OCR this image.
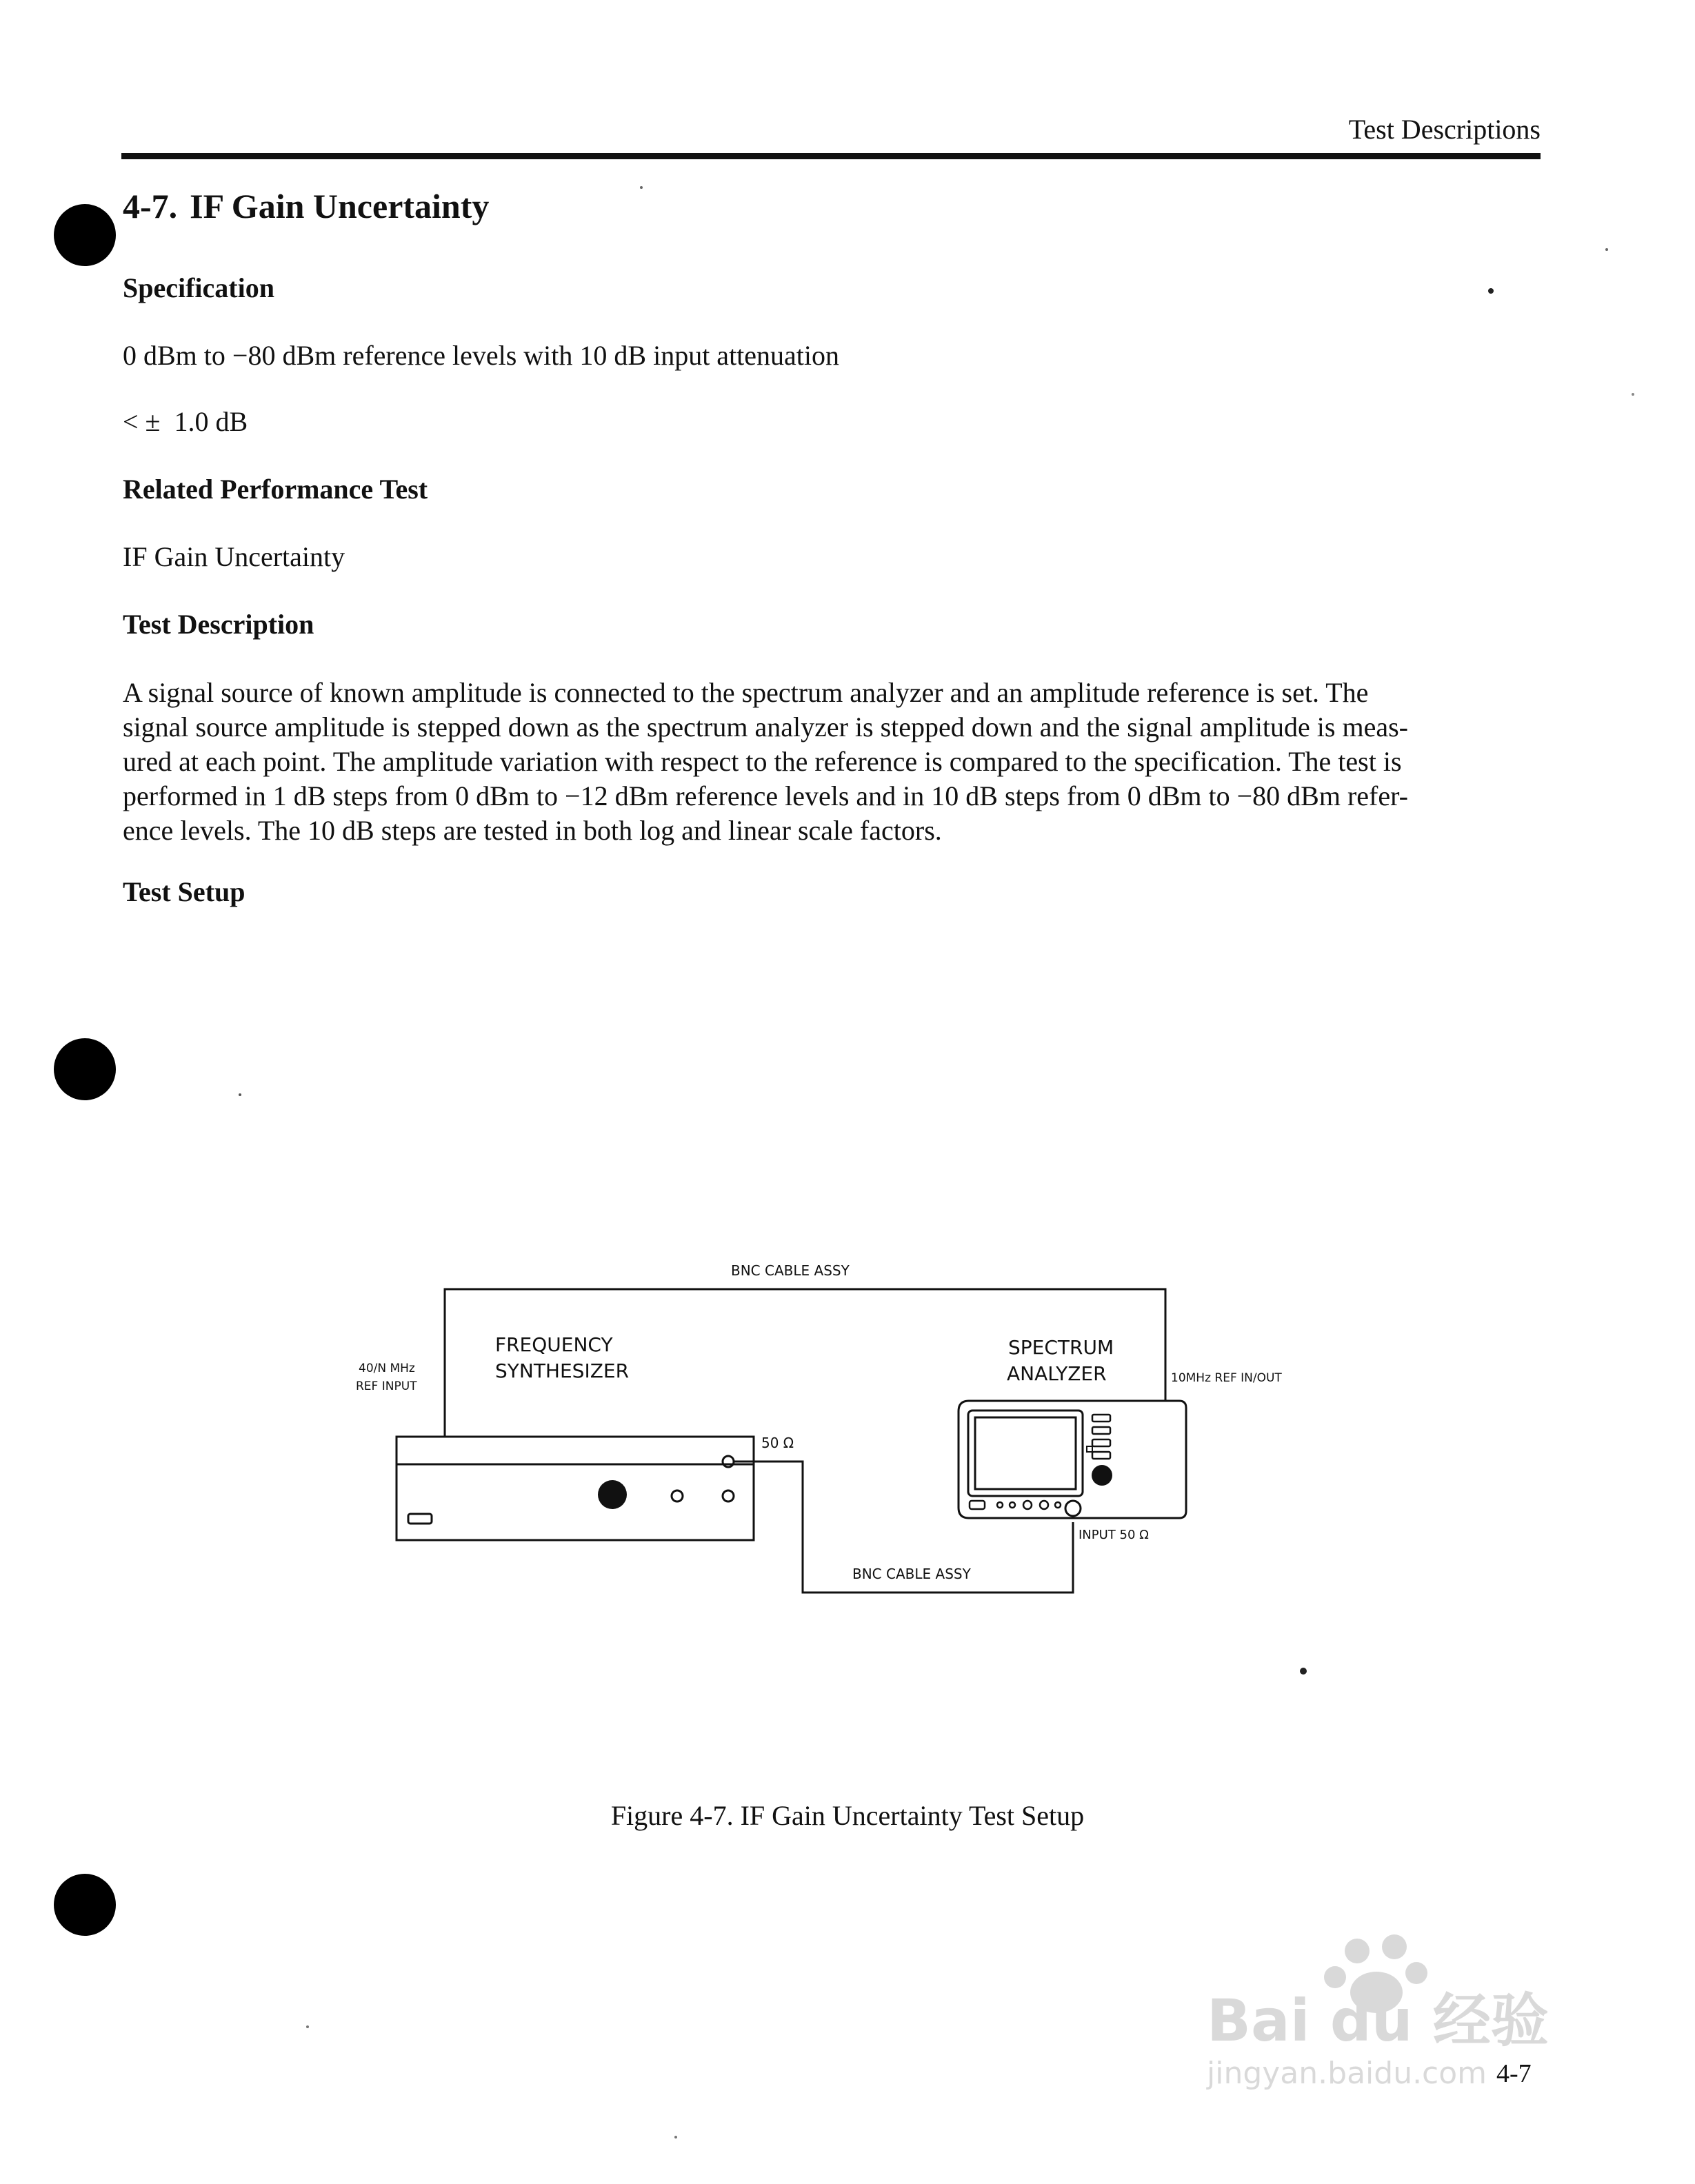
Test Descriptions
4-7. IF Gain Uncertainty
Specification
0 dBm to −80 dBm reference levels with 10 dB input attenuation
< ±  1.0 dB
Related Performance Test
IF Gain Uncertainty
Test Description

A signal source of known amplitude is connected to the spectrum analyzer and an amplitude reference is set. The

signal source amplitude is stepped down as the spectrum analyzer is stepped down and the signal amplitude is meas-

ured at each point. The amplitude variation with respect to the reference is compared to the specification. The test is

performed in 1 dB steps from 0 dBm to −12 dBm reference levels and in 10 dB steps from 0 dBm to −80 dBm refer-

ence levels. The 10 dB steps are tested in both log and linear scale factors.

Test Setup
BNC CABLE ASSY
FREQUENCY
SYNTHESIZER
40/N MHz
REF INPUT
50 Ω
BNC CABLE ASSY
SPECTRUM
ANALYZER	10MHz REF IN/OUT
INPUT 50 Ω
Figure 4-7. IF Gain Uncertainty Test Setup
4-7
Bai du 经验
jingyan.baidu.com
